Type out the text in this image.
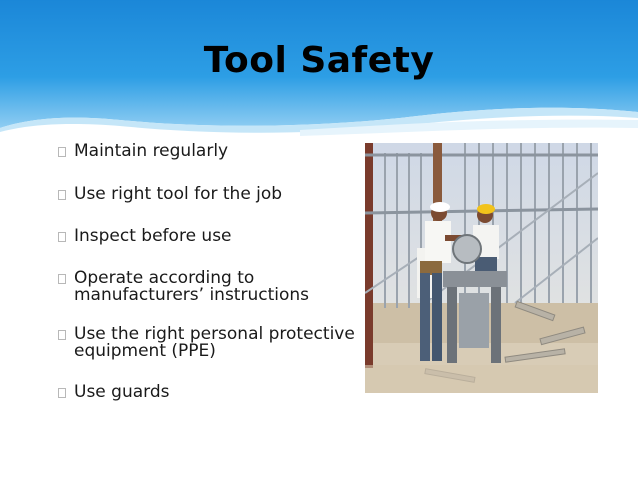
Tool Safety
Maintain regularly
Use right tool for the job
Inspect before use
Operate according to
manufacturers’ instructions
Use the right personal protective
equipment (PPE)
Use guards
